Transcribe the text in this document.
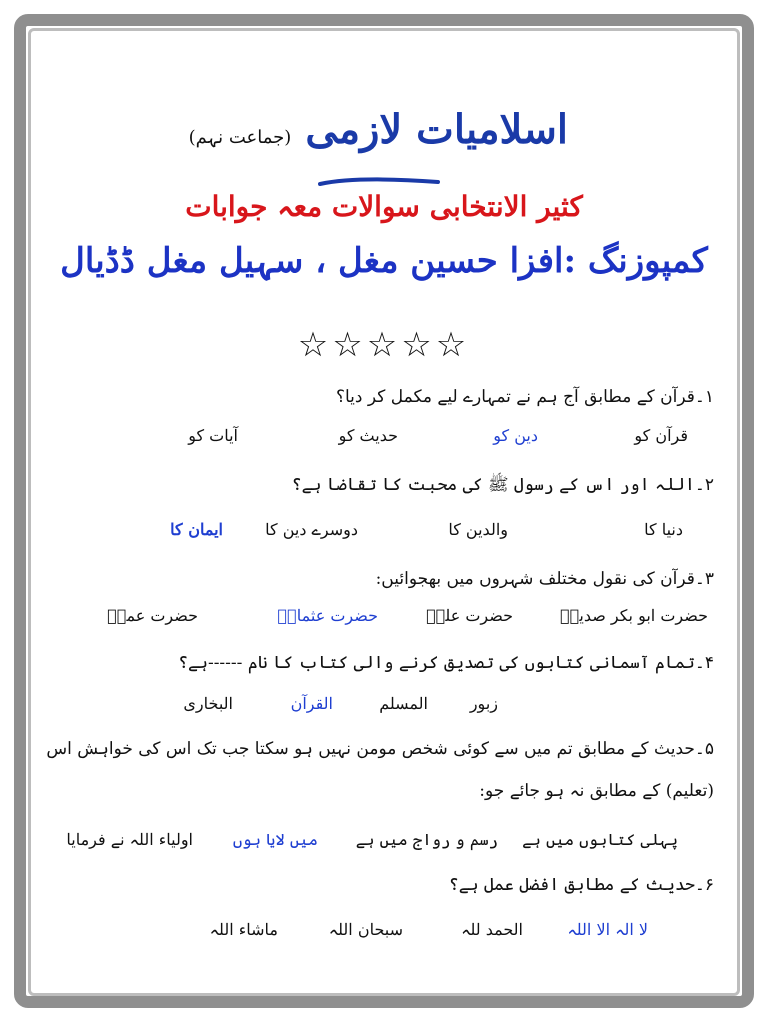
اسلامیات لازمی
(جماعت نہم)
کثیر الانتخابی سوالات معہ جوابات
کمپوزنگ :افزا حسین مغل ، سہیل مغل ڈڈیال
☆☆☆☆☆
۱۔قرآن کے مطابق آج ہم نے تمہارے لیے مکمل کر دیا؟
قرآن کو
دین کو
حدیث کو
آیات کو
۲۔اللہ اور اس کے رسول ﷺ کی محبت کا تقاضا ہے؟
دنیا کا
والدین کا
دوسرے دین کا
ایمان کا
۳۔قرآن کی نقول مختلف شہروں میں بھجوائیں:
حضرت ابو بکر صدیقؓ
حضرت علیؓ
حضرت عثمانؓ
حضرت عمرؓ
۴۔تمام آسمانی کتابوں کی تصدیق کرنے والی کتاب کا نام ------ہے؟
زبور
المسلم
القرآن
البخاری
۵۔حدیث کے مطابق تم میں سے کوئی شخص مومن نہیں ہو سکتا جب تک اس کی خواہش اس (تعلیم) کے مطابق نہ ہو جائے جو:
پہلی کتابوں میں ہے
رسم و رواج میں ہے
میں لایا ہوں
اولیاء اللہ نے فرمایا
۶۔حدیث کے مطابق افضل عمل ہے؟
لا الہ الا اللہ
الحمد للہ
سبحان اللہ
ماشاء اللہ
